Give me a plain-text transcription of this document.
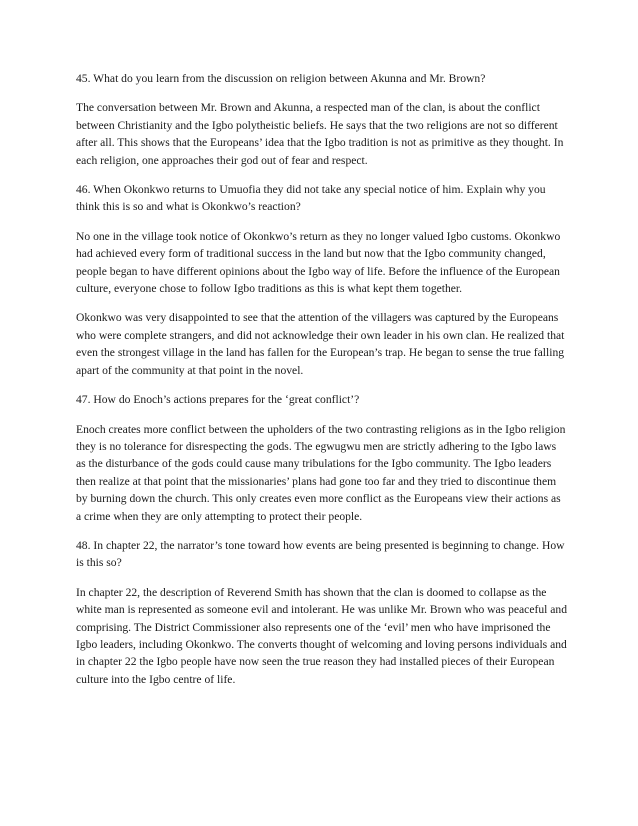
45. What do you learn from the discussion on religion between Akunna and Mr. Brown?

The conversation between Mr. Brown and Akunna, a respected man of the clan, is about the conflict between Christianity and the Igbo polytheistic beliefs. He says that the two religions are not so different after all. This shows that the Europeans’ idea that the Igbo tradition is not as primitive as they thought. In each religion, one approaches their god out of fear and respect.

46. When Okonkwo returns to Umuofia they did not take any special notice of him. Explain why you think this is so and what is Okonkwo’s reaction?

No one in the village took notice of Okonkwo’s return as they no longer valued Igbo customs. Okonkwo had achieved every form of traditional success in the land but now that the Igbo community changed, people began to have different opinions about the Igbo way of life. Before the influence of the European culture, everyone chose to follow Igbo traditions as this is what kept them together.

Okonkwo was very disappointed to see that the attention of the villagers was captured by the Europeans who were complete strangers, and did not acknowledge their own leader in his own clan. He realized that even the strongest village in the land has fallen for the European’s trap. He began to sense the true falling apart of the community at that point in the novel.

47. How do Enoch’s actions prepares for the ‘great conflict’?

Enoch creates more conflict between the upholders of the two contrasting religions as in the Igbo religion they is no tolerance for disrespecting the gods. The egwugwu men are strictly adhering to the Igbo laws as the disturbance of the gods could cause many tribulations for the Igbo community. The Igbo leaders then realize at that point that the missionaries’ plans had gone too far and they tried to discontinue them by burning down the church. This only creates even more conflict as the Europeans view their actions as a crime when they are only attempting to protect their people.

48. In chapter 22, the narrator’s tone toward how events are being presented is beginning to change. How is this so?

In chapter 22, the description of Reverend Smith has shown that the clan is doomed to collapse as the white man is represented as someone evil and intolerant. He was unlike Mr. Brown who was peaceful and comprising. The District Commissioner also represents one of the ‘evil’ men who have imprisoned the Igbo leaders, including Okonkwo. The converts thought of welcoming and loving persons individuals and in chapter 22 the Igbo people have now seen the true reason they had installed pieces of their European culture into the Igbo centre of life.
